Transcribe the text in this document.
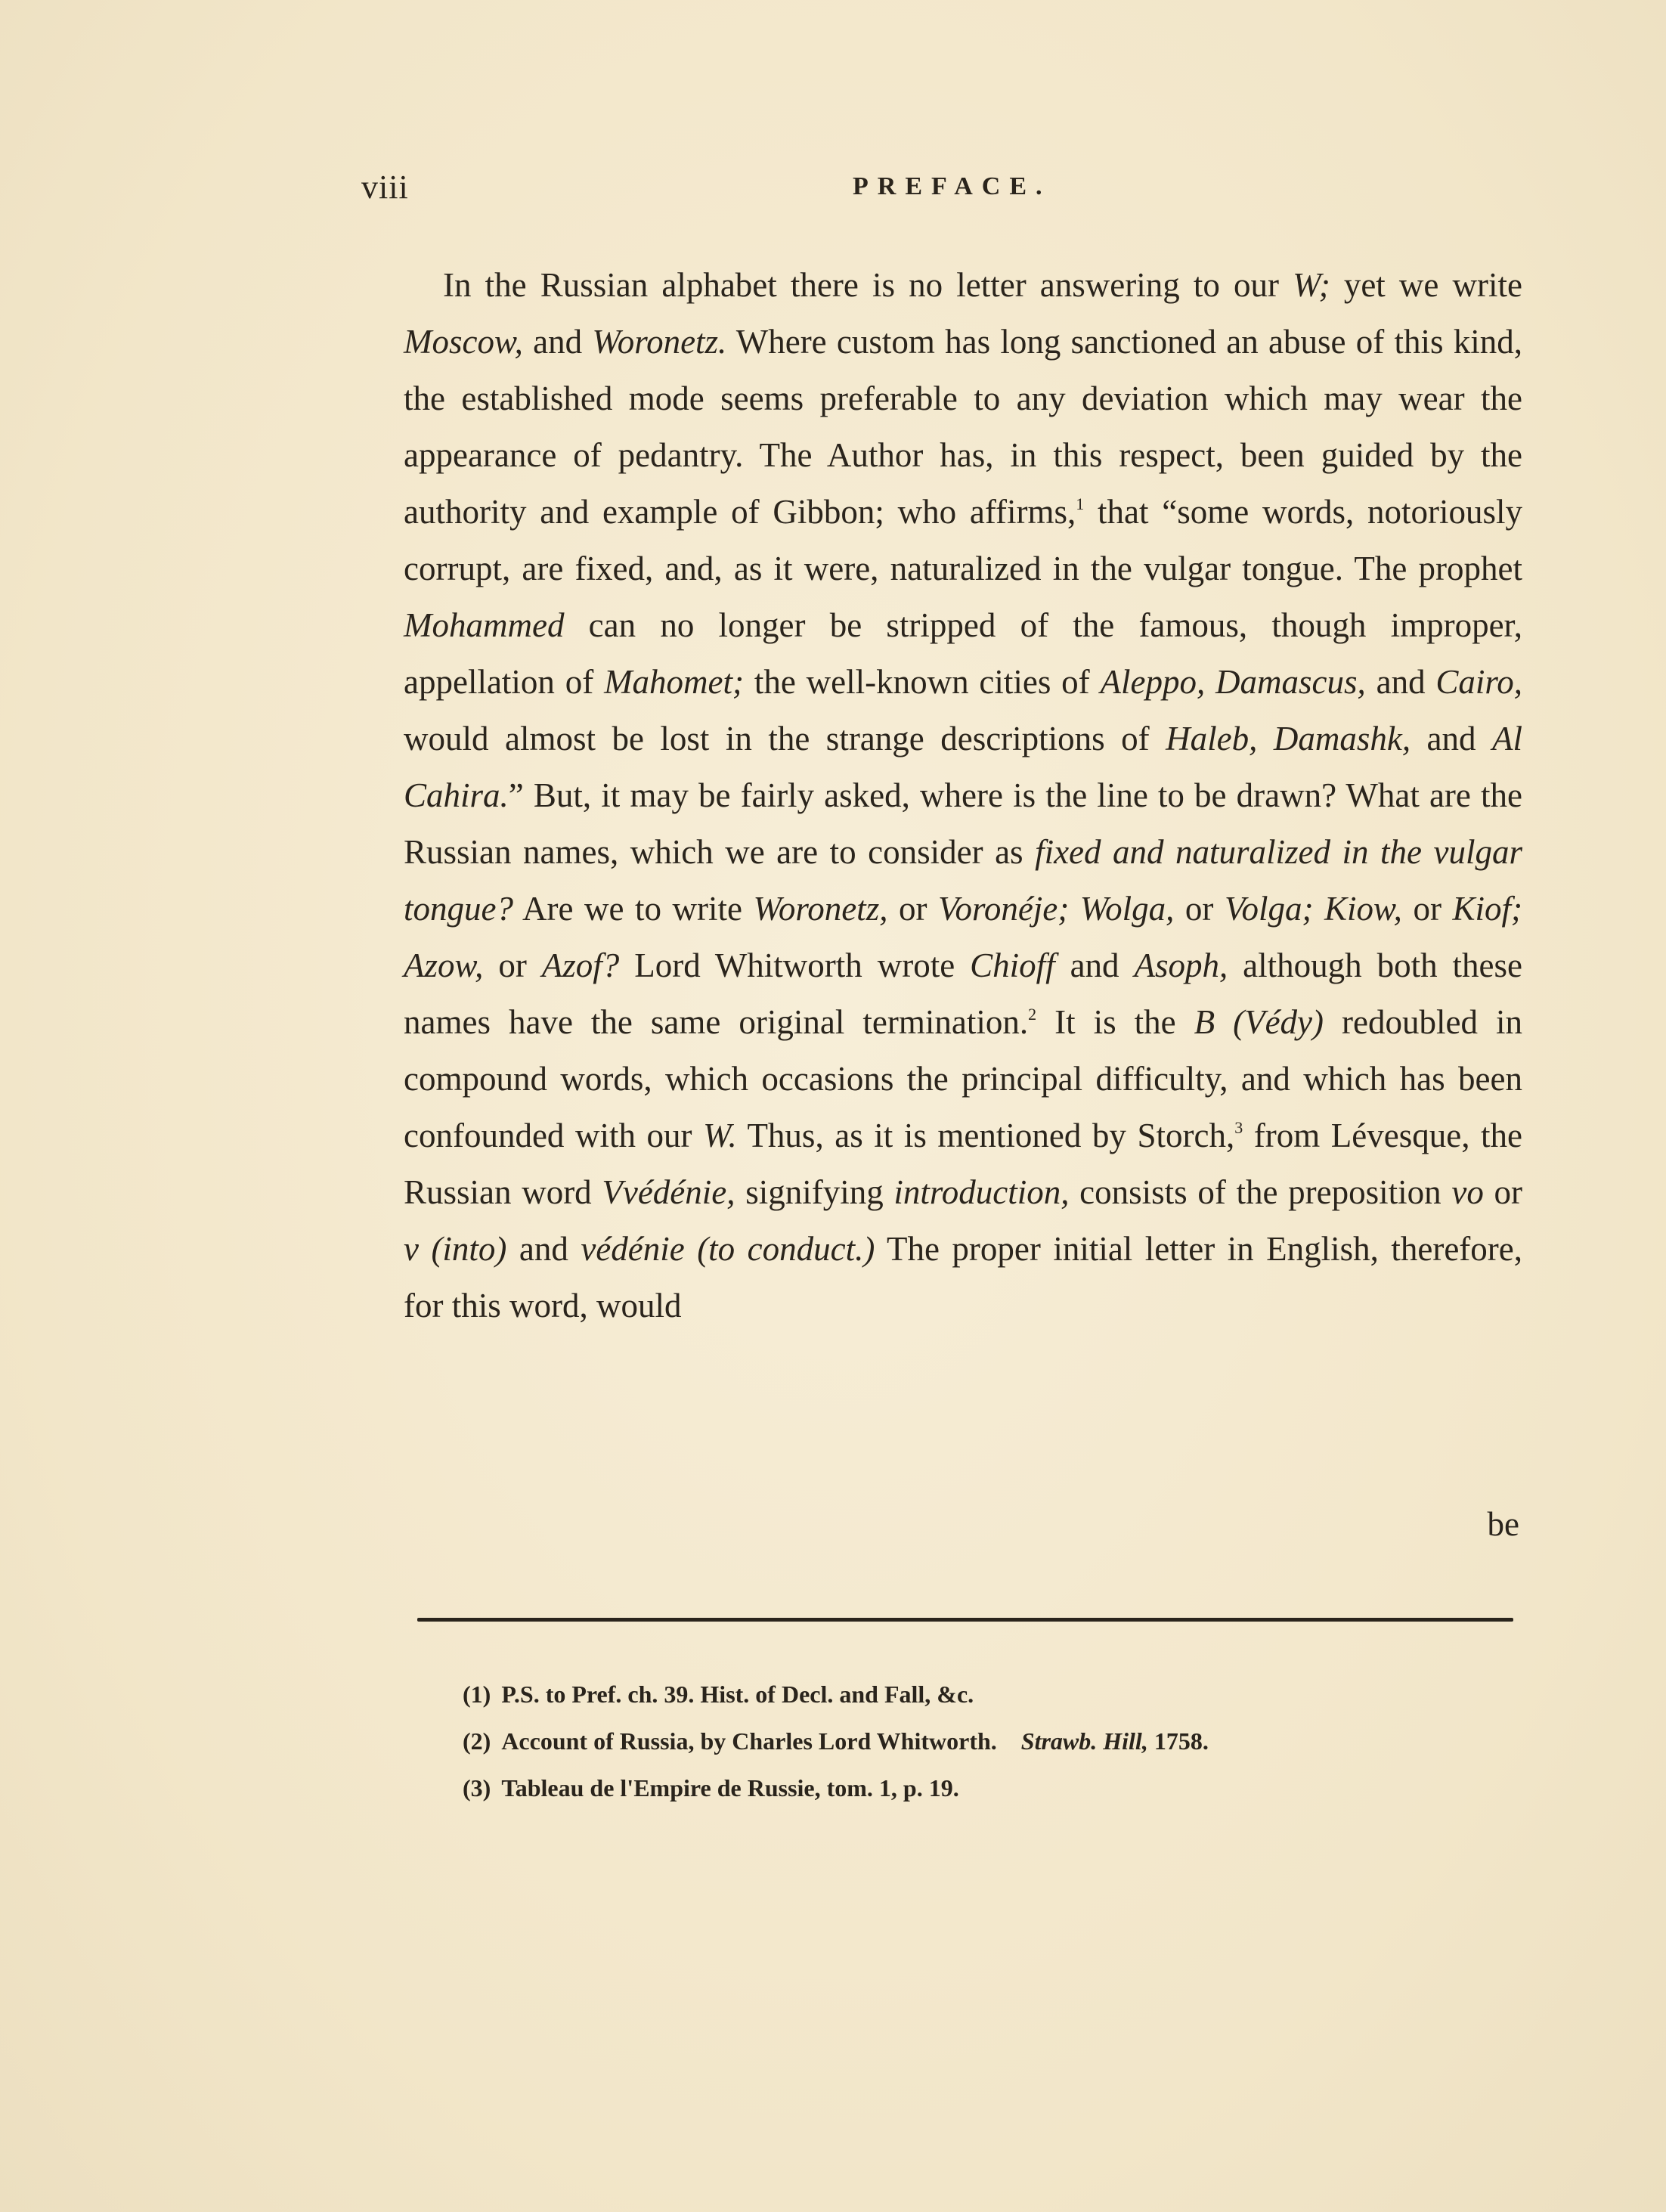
viii	PREFACE.

In the Russian alphabet there is no letter answering to our W; yet we write Moscow, and Woronetz. Where custom has long sanctioned an abuse of this kind, the established mode seems preferable to any deviation which may wear the appearance of pedantry. The Author has, in this respect, been guided by the authority and example of Gibbon; who affirms,$^1$ that “some words, notoriously corrupt, are fixed, and, as it were, naturalized in the vulgar tongue. The prophet Mohammed can no longer be stripped of the famous, though improper, appellation of Mahomet; the well-known cities of Aleppo, Damascus, and Cairo, would almost be lost in the strange descriptions of Haleb, Damashk, and Al Cahira.” But, it may be fairly asked, where is the line to be drawn? What are the Russian names, which we are to consider as fixed and naturalized in the vulgar tongue? Are we to write Woronetz, or Voronéje; Wolga, or Volga; Kiow, or Kiof; Azow, or Azof? Lord Whitworth wrote Chioff and Asoph, although both these names have the same original termination.$^2$ It is the B (Védy) redoubled in compound words, which occasions the principal difficulty, and which has been confounded with our W. Thus, as it is mentioned by Storch,$^3$ from Lévesque, the Russian word Vvédénie, signifying introduction, consists of the preposition vo or v (into) and védénie (to conduct.) The proper initial letter in English, therefore, for this word, would

be
(1) P.S. to Pref. ch. 39. Hist. of Decl. and Fall, &c.
(2) Account of Russia, by Charles Lord Whitworth. Strawb. Hill, 1758.
(3) Tableau de l'Empire de Russie, tom. 1, p. 19.
